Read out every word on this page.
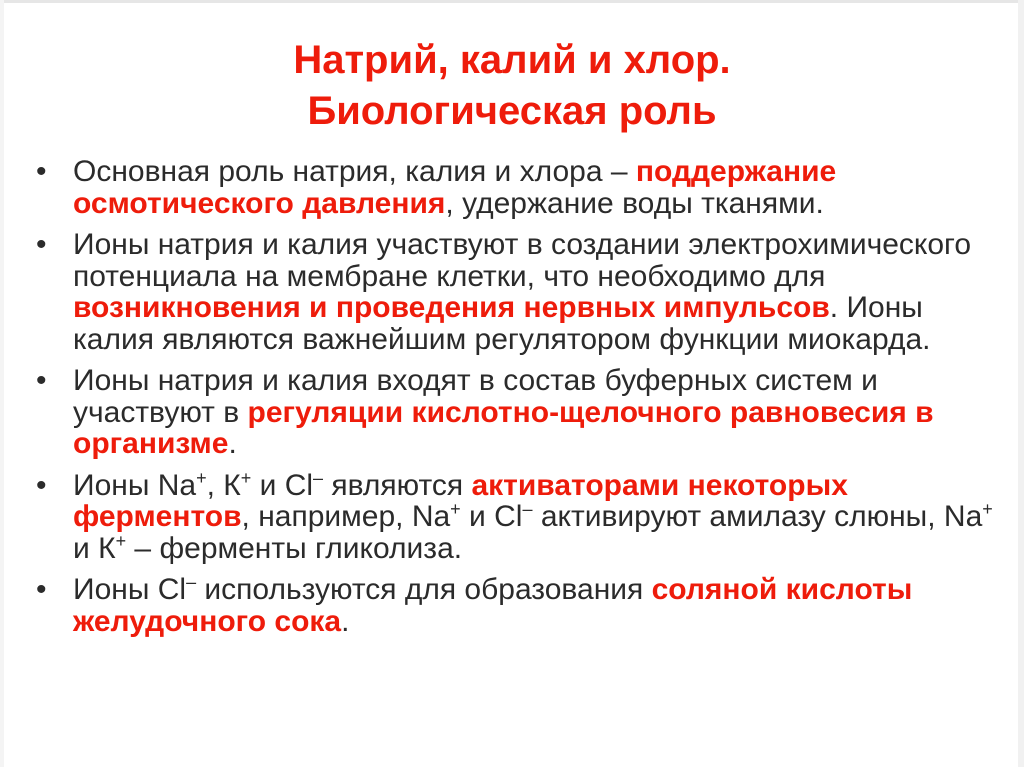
Натрий, калий и хлор.
Биологическая роль
• Основная роль натрия, калия и хлора – поддержание осмотического давления, удержание воды тканями.
• Ионы натрия и калия участвуют в создании электрохимического потенциала на мембране клетки, что необходимо для возникновения и проведения нервных импульсов. Ионы калия являются важнейшим регулятором функции миокарда.
• Ионы натрия и калия входят в состав буферных систем и участвуют в регуляции кислотно-щелочного равновесия в организме.
• Ионы Na+, К+ и Cl– являются активаторами некоторых ферментов, например, Na+ и Cl– активируют амилазу слюны, Na+ и К+ – ферменты гликолиза.
• Ионы Cl– используются для образования соляной кислоты желудочного сока.
